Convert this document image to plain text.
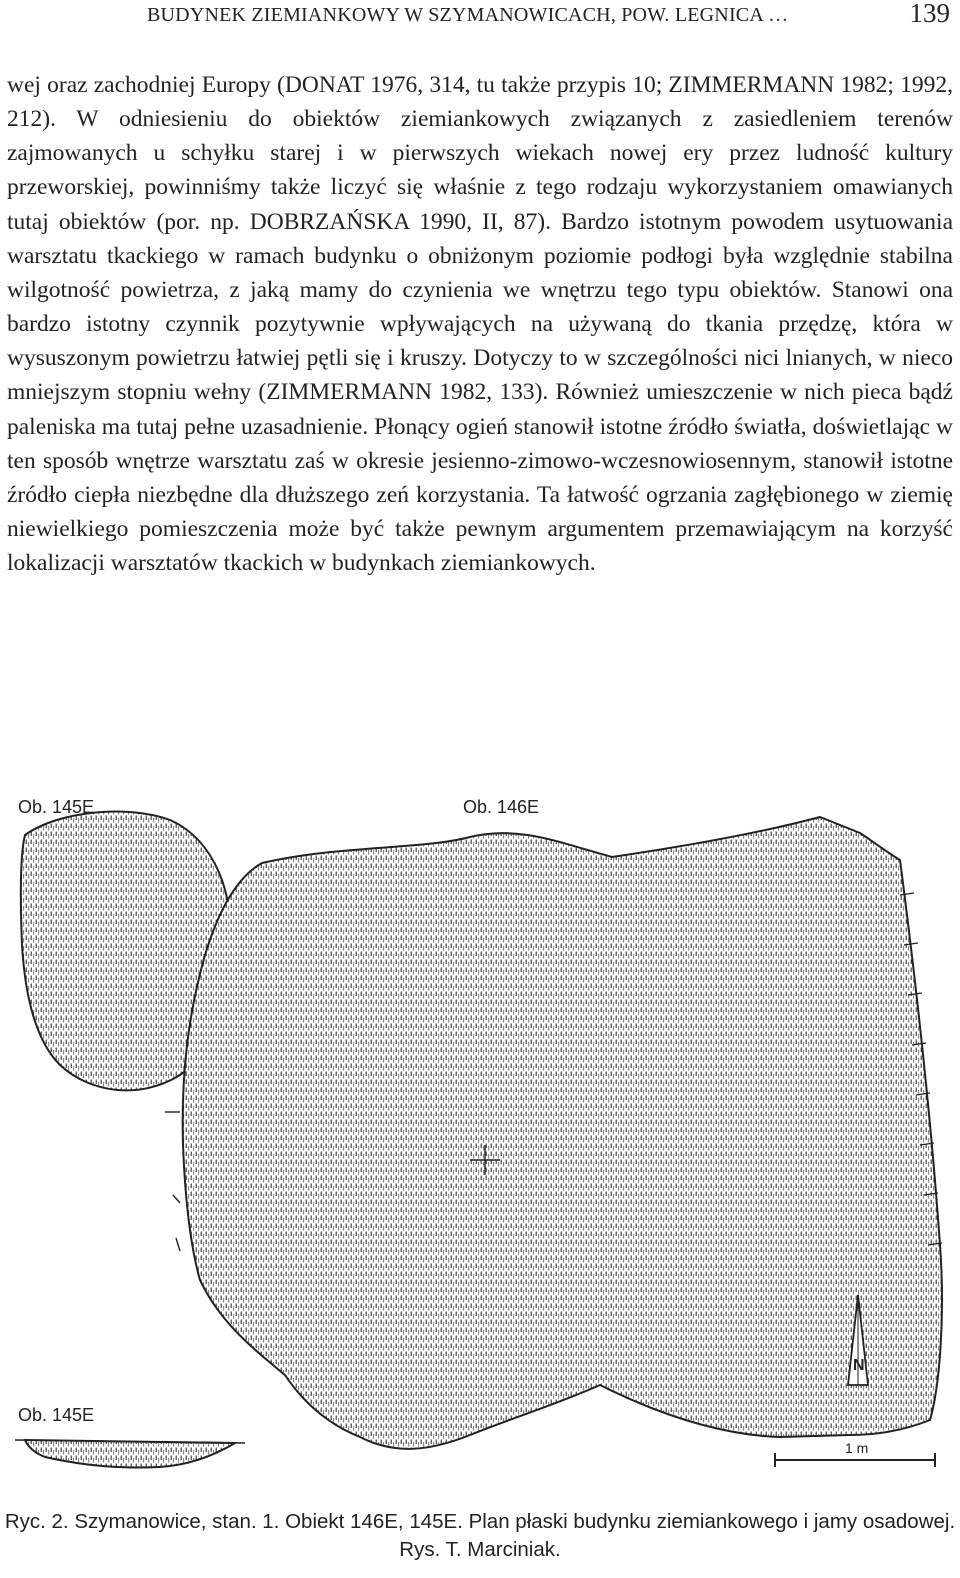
BUDYNEK ZIEMIANKOWY W SZYMANOWICACH, POW. LEGNICA …	139

wej oraz zachodniej Europy (DONAT 1976, 314, tu także przypis 10; ZIMMERMANN 1982; 1992, 212). W odniesieniu do obiektów ziemiankowych związanych z zasiedleniem terenów zajmowanych u schyłku starej i w pierwszych wiekach nowej ery przez ludność kultury przeworskiej, powinniśmy także liczyć się właśnie z tego rodzaju wykorzystaniem omawianych tutaj obiektów (por. np. DOBRZAŃSKA 1990, II, 87). Bardzo istotnym powodem usytuowania warsztatu tkackiego w ramach budynku o obniżonym poziomie podłogi była względnie stabilna wilgotność powietrza, z jaką mamy do czynienia we wnętrzu tego typu obiektów. Stanowi ona bardzo istotny czynnik pozytywnie wpływających na używaną do tkania przędzę, która w wysuszonym powietrzu łatwiej pętli się i kruszy. Dotyczy to w szczególności nici lnianych, w nieco mniejszym stopniu wełny (ZIMMERMANN 1982, 133). Również umieszczenie w nich pieca bądź paleniska ma tutaj pełne uzasadnienie. Płonący ogień stanowił istotne źródło światła, doświetlając w ten sposób wnętrze warsztatu zaś w okresie jesienno-zimowo-wczesnowiosennym, stanowił istotne źródło ciepła niezbędne dla dłuższego zeń korzystania. Ta łatwość ogrzania zagłębionego w ziemię niewielkiego pomieszczenia może być także pewnym argumentem przemawiającym na korzyść lokalizacji warsztatów tkackich w budynkach ziemiankowych.

Ob. 145E	Ob. 146E
Ob. 145E
N
1 m
Ryc. 2. Szymanowice, stan. 1. Obiekt 146E, 145E. Plan płaski budynku ziemiankowego i jamy osadowej. Rys. T. Marciniak.
